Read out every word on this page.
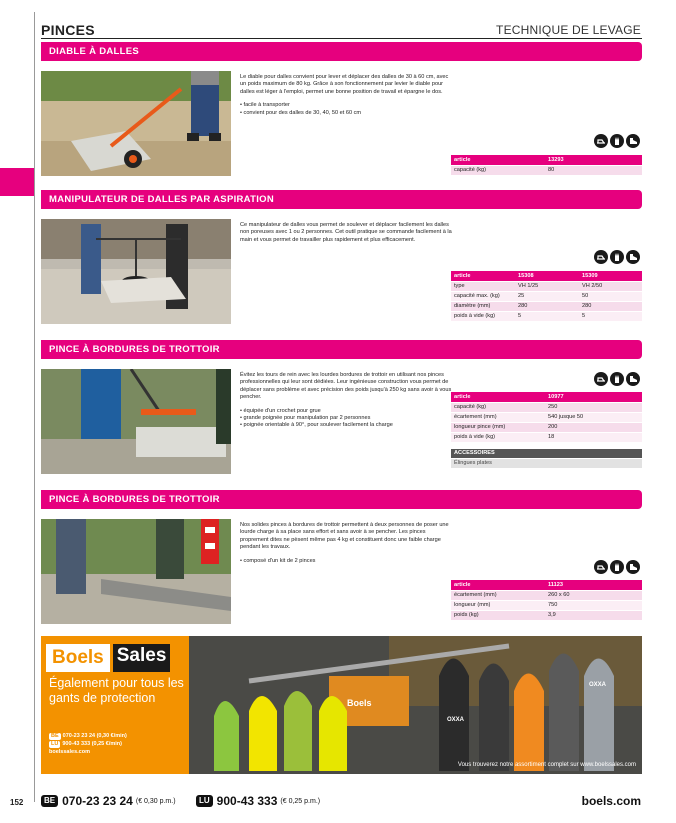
PINCES	TECHNIQUE DE LEVAGE
DIABLE À DALLES

Le diable pour dalles convient pour lever et déplacer des dalles de 30 à 60 cm, avec un poids maximum de 80 kg. Grâce à son fonctionnement par levier le diable pour dalles est léger à l'emploi, permet une bonne position de travail et épargne le dos.

• facile à transporter
• convient pour des dalles de 30, 40, 50 et 60 cm
article	13293
capacité (kg)	80
MANIPULATEUR DE DALLES PAR ASPIRATION

Ce manipulateur de dalles vous permet de soulever et déplacer facilement les dalles non poreuses avec 1 ou 2 personnes. Cet outil pratique se commande facilement à la main et vous permet de travailler plus rapidement et plus efficacement.

article	15308	15309
type	VH 1/25	VH 2/50
capacité max. (kg)	25	50
diamètre (mm)	280	280
poids à vide (kg)	5	5
PINCE À BORDURES DE TROTTOIR

Évitez les tours de rein avec les lourdes bordures de trottoir en utilisant nos pinces professionnelles qui leur sont dédiées. Leur ingénieuse construction vous permet de déplacer sans problème et avec précision des poids jusqu'à 250 kg sans avoir à vous pencher.

• équipée d'un crochet pour grue
• grande poignée pour manipulation par 2 personnes
• poignée orientable à 90°, pour soulever facilement la charge
article	10977
capacité (kg)	250
écartement (mm)	540 jusque 50
longueur pince (mm)	200
poids à vide (kg)	18

ACCESSOIRES	
Élingues plates	
PINCE À BORDURES DE TROTTOIR

Nos solides pinces à bordures de trottoir permettent à deux personnes de poser une lourde charge à sa place sans effort et sans avoir à se pencher. Les pinces proprement dites ne pèsent même pas 4 kg et constituent donc une faible charge pendant les travaux.

• composé d'un kit de 2 pinces
article	11123
écartement (mm)	260 x 60
longueur (mm)	750
poids (kg)	3,9
Boels
OXXA
OXXA
Boels Sales
Également pour tous les gants de protection
BE 070-23 23 24 (0,30 €/min)
LU 900-43 333 (0,25 €/min)
boelssales.com
Vous trouverez notre assortiment complet sur www.boelssales.com
152	BE 070-23 23 24 (€ 0,30 p.m.)	LU 900-43 333 (€ 0,25 p.m.)	boels.com
